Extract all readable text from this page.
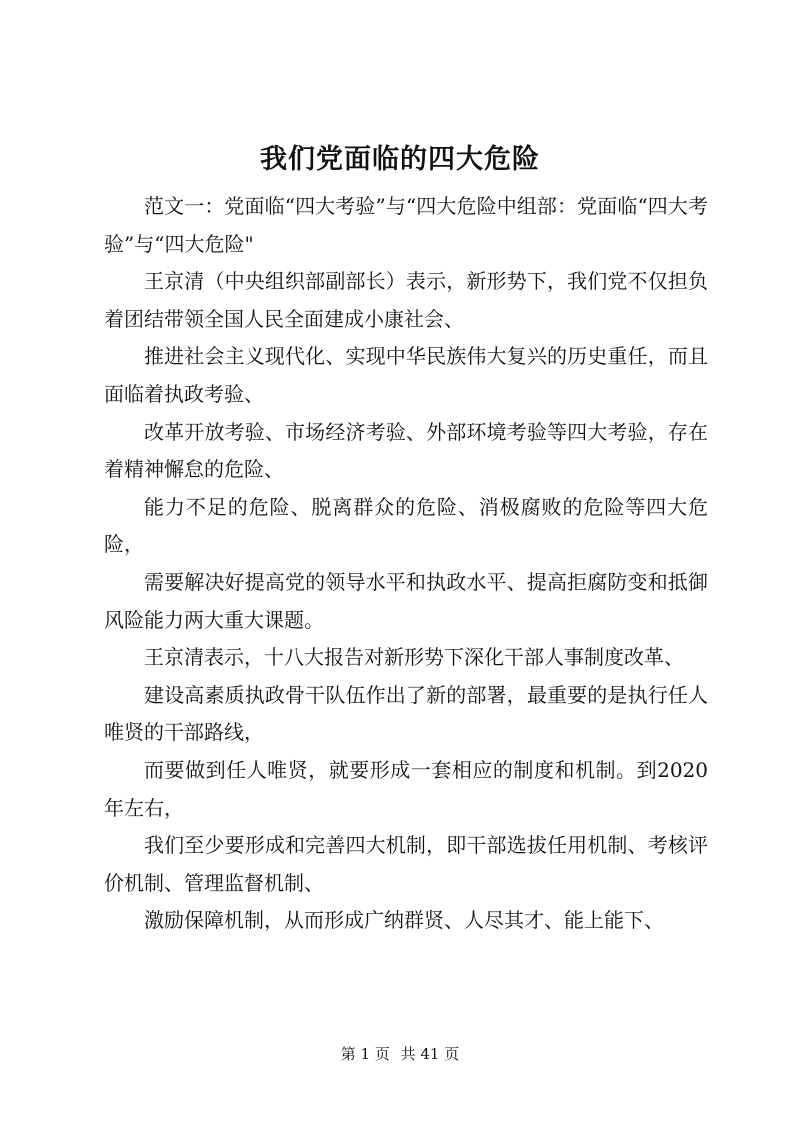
我们党面临的四大危险

范文一：党面临“四大考验”与“四大危险中组部：党面临“四大考验”与“四大危险"

王京清（中央组织部副部长）表示，新形势下，我们党不仅担负着团结带领全国人民全面建成小康社会、

推进社会主义现代化、实现中华民族伟大复兴的历史重任，而且面临着执政考验、

改革开放考验、市场经济考验、外部环境考验等四大考验，存在着精神懈怠的危险、

能力不足的危险、脱离群众的危险、消极腐败的危险等四大危险，

需要解决好提高党的领导水平和执政水平、提高拒腐防变和抵御风险能力两大重大课题。

王京清表示，十八大报告对新形势下深化干部人事制度改革、

建设高素质执政骨干队伍作出了新的部署，最重要的是执行任人唯贤的干部路线，

而要做到任人唯贤，就要形成一套相应的制度和机制。到2020年左右，

我们至少要形成和完善四大机制，即干部选拔任用机制、考核评价机制、管理监督机制、

激励保障机制，从而形成广纳群贤、人尽其才、能上能下、

第 1 页 共 41 页
